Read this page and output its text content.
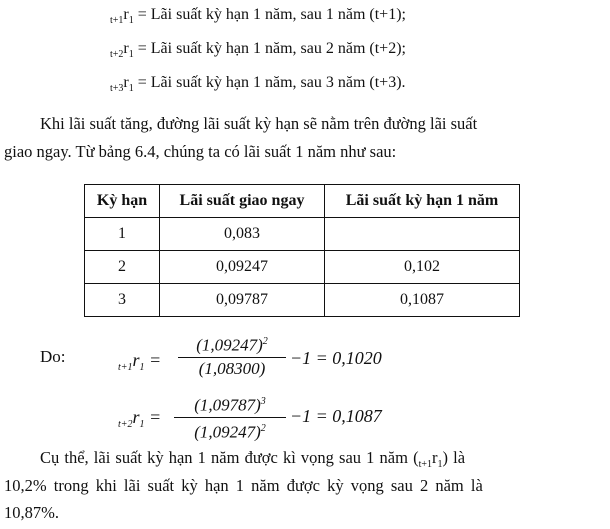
$_{t+1}r_1$ = Lãi suất kỳ hạn 1 năm, sau 1 năm (t+1);
$_{t+2}r_1$ = Lãi suất kỳ hạn 1 năm, sau 2 năm (t+2);
$_{t+3}r_1$ = Lãi suất kỳ hạn 1 năm, sau 3 năm (t+3).
Khi lãi suất tăng, đường lãi suất kỳ hạn sẽ nằm trên đường lãi suất
giao ngay. Từ bảng 6.4, chúng ta có lãi suất 1 năm như sau:
Kỳ hạn	Lãi suất giao ngay	Lãi suất kỳ hạn 1 năm
1	0,083	
2	0,09247	0,102
3	0,09787	0,1087
Do:
$_{t+1}r_1$ =
$(1,09247)^2$
(1,08300)
−1 = 0,1020
$_{t+2}r_1$ =
$(1,09787)^3$
$(1,09247)^2$
−1 = 0,1087
Cụ thể, lãi suất kỳ hạn 1 năm được kì vọng sau 1 năm $(_{t+1}r_1)$ là
10,2% trong khi lãi suất kỳ hạn 1 năm được kỳ vọng sau 2 năm là
10,87%.
